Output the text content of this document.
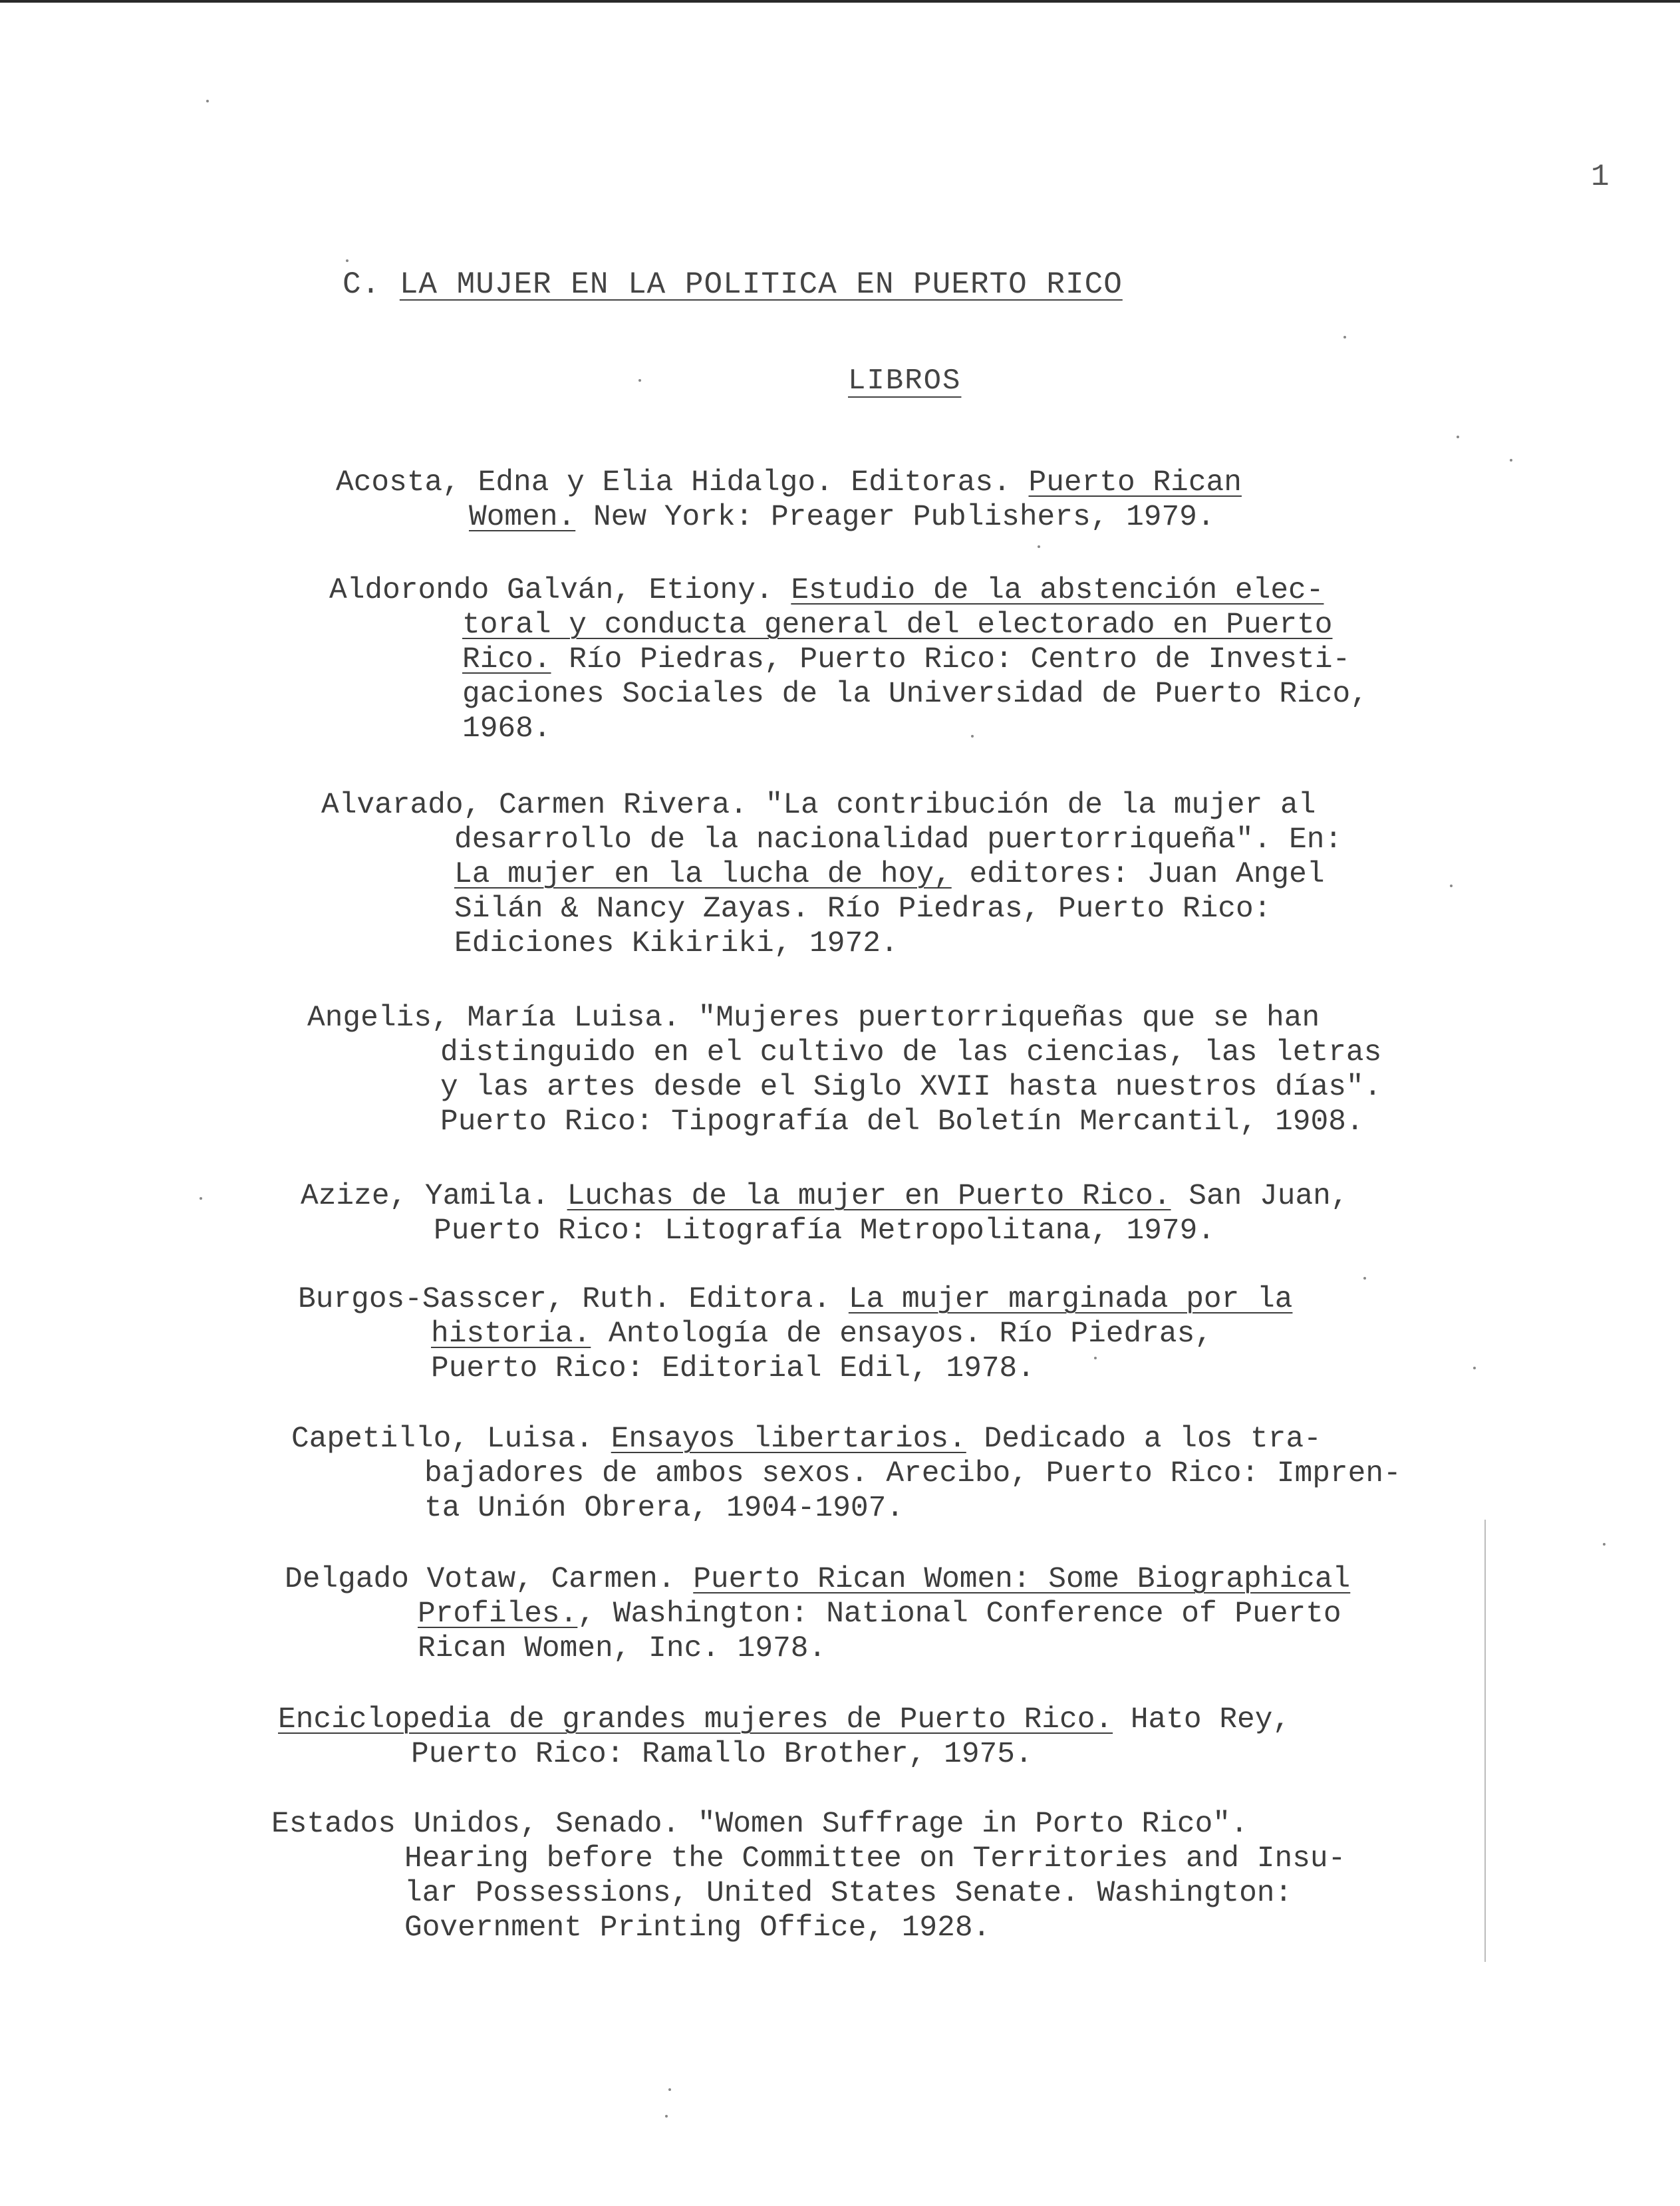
1
C. LA MUJER EN LA POLITICA EN PUERTO RICO
LIBROS
Acosta, Edna y Elia Hidalgo. Editoras. Puerto Rican
Women. New York: Preager Publishers, 1979.
Aldorondo Galván, Etiony. Estudio de la abstención elec-
toral y conducta general del electorado en Puerto
Rico. Río Piedras, Puerto Rico: Centro de Investi-
gaciones Sociales de la Universidad de Puerto Rico,
1968.
Alvarado, Carmen Rivera. "La contribución de la mujer al
desarrollo de la nacionalidad puertorriqueña". En:
La mujer en la lucha de hoy, editores: Juan Angel
Silán & Nancy Zayas. Río Piedras, Puerto Rico:
Ediciones Kikiriki, 1972.
Angelis, María Luisa. "Mujeres puertorriqueñas que se han
distinguido en el cultivo de las ciencias, las letras
y las artes desde el Siglo XVII hasta nuestros días".
Puerto Rico: Tipografía del Boletín Mercantil, 1908.
Azize, Yamila. Luchas de la mujer en Puerto Rico. San Juan,
Puerto Rico: Litografía Metropolitana, 1979.
Burgos-Sasscer, Ruth. Editora. La mujer marginada por la
historia. Antología de ensayos. Río Piedras,
Puerto Rico: Editorial Edil, 1978.
Capetillo, Luisa. Ensayos libertarios. Dedicado a los tra-
bajadores de ambos sexos. Arecibo, Puerto Rico: Impren-
ta Unión Obrera, 1904-1907.
Delgado Votaw, Carmen. Puerto Rican Women: Some Biographical
Profiles., Washington: National Conference of Puerto
Rican Women, Inc. 1978.
Enciclopedia de grandes mujeres de Puerto Rico. Hato Rey,
Puerto Rico: Ramallo Brother, 1975.
Estados Unidos, Senado. "Women Suffrage in Porto Rico".
Hearing before the Committee on Territories and Insu-
lar Possessions, United States Senate. Washington:
Government Printing Office, 1928.
